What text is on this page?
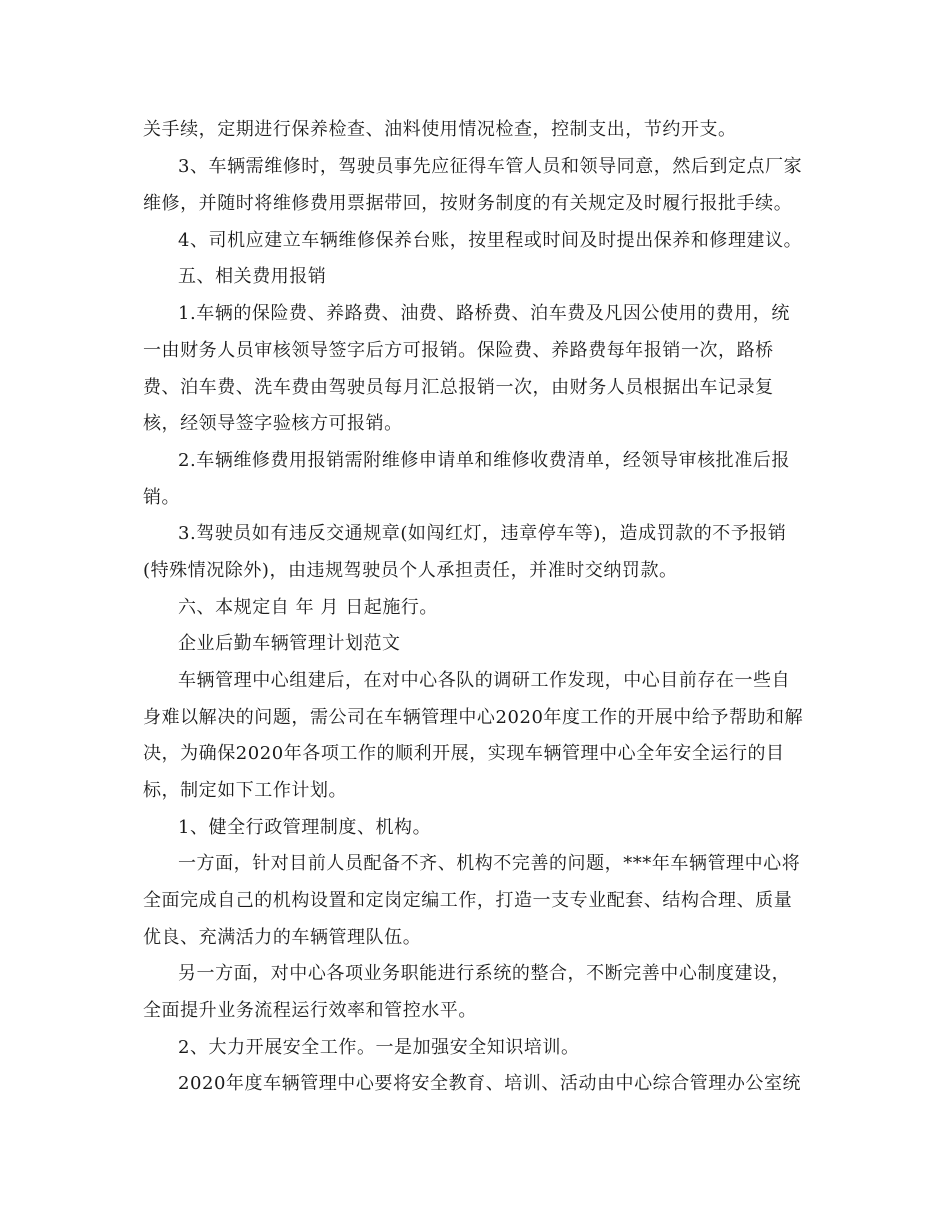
关手续，定期进行保养检查、油料使用情况检查，控制支出，节约开支。

3、车辆需维修时，驾驶员事先应征得车管人员和领导同意，然后到定点厂家

维修，并随时将维修费用票据带回，按财务制度的有关规定及时履行报批手续。

4、司机应建立车辆维修保养台账，按里程或时间及时提出保养和修理建议。

五、相关费用报销

1.车辆的保险费、养路费、油费、路桥费、泊车费及凡因公使用的费用，统

一由财务人员审核领导签字后方可报销。保险费、养路费每年报销一次，路桥

费、泊车费、洗车费由驾驶员每月汇总报销一次，由财务人员根据出车记录复

核，经领导签字验核方可报销。

2.车辆维修费用报销需附维修申请单和维修收费清单，经领导审核批准后报

销。

3.驾驶员如有违反交通规章(如闯红灯，违章停车等)，造成罚款的不予报销

(特殊情况除外)，由违规驾驶员个人承担责任，并准时交纳罚款。

六、本规定自 年 月 日起施行。

企业后勤车辆管理计划范文

车辆管理中心组建后，在对中心各队的调研工作发现，中心目前存在一些自

身难以解决的问题，需公司在车辆管理中心2020年度工作的开展中给予帮助和解

决，为确保2020年各项工作的顺利开展，实现车辆管理中心全年安全运行的目

标，制定如下工作计划。

1、健全行政管理制度、机构。

一方面，针对目前人员配备不齐、机构不完善的问题，***年车辆管理中心将

全面完成自己的机构设置和定岗定编工作，打造一支专业配套、结构合理、质量

优良、充满活力的车辆管理队伍。

另一方面，对中心各项业务职能进行系统的整合，不断完善中心制度建设，

全面提升业务流程运行效率和管控水平。

2、大力开展安全工作。一是加强安全知识培训。

2020年度车辆管理中心要将安全教育、培训、活动由中心综合管理办公室统
